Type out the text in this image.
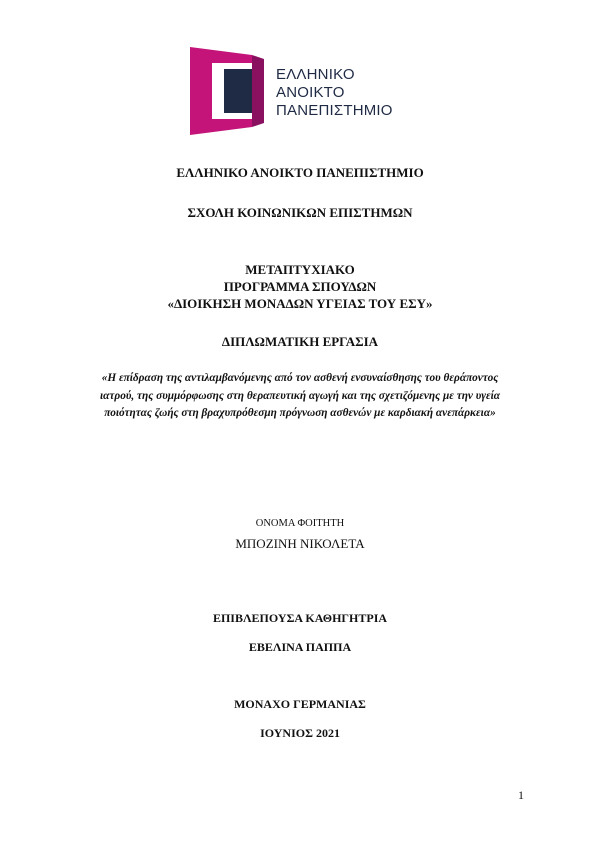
ΕΛΛΗΝΙΚΟ
ΑΝΟΙΚΤΟ
ΠΑΝΕΠΙΣΤΗΜΙΟ
ΕΛΛΗΝΙΚΟ ΑΝΟΙΚΤΟ ΠΑΝΕΠΙΣΤΗΜΙΟ
ΣΧΟΛΗ ΚΟΙΝΩΝΙΚΩΝ ΕΠΙΣΤΗΜΩΝ
ΜΕΤΑΠΤΥΧΙΑΚΟ
ΠΡΟΓΡΑΜΜΑ ΣΠΟΥΔΩΝ
«ΔΙΟΙΚΗΣΗ ΜΟΝΑΔΩΝ ΥΓΕΙΑΣ ΤΟΥ ΕΣΥ»
ΔΙΠΛΩΜΑΤΙΚΗ ΕΡΓΑΣΙΑ
«Η επίδραση της αντιλαμβανόμενης από τον ασθενή ενσυναίσθησης του θεράποντος ιατρού, της συμμόρφωσης στη θεραπευτική αγωγή και της σχετιζόμενης με την υγεία ποιότητας ζωής στη βραχυπρόθεσμη πρόγνωση ασθενών με καρδιακή ανεπάρκεια»
ΟΝΟΜΑ ΦΟΙΤΗΤΗ
ΜΠΟΖΙΝΗ ΝΙΚΟΛΕΤΑ
ΕΠΙΒΛΕΠΟΥΣΑ ΚΑΘΗΓΗΤΡΙΑ
ΕΒΕΛΙΝΑ ΠΑΠΠΑ
ΜΟΝΑΧΟ ΓΕΡΜΑΝΙΑΣ
ΙΟΥΝΙΟΣ 2021
1
